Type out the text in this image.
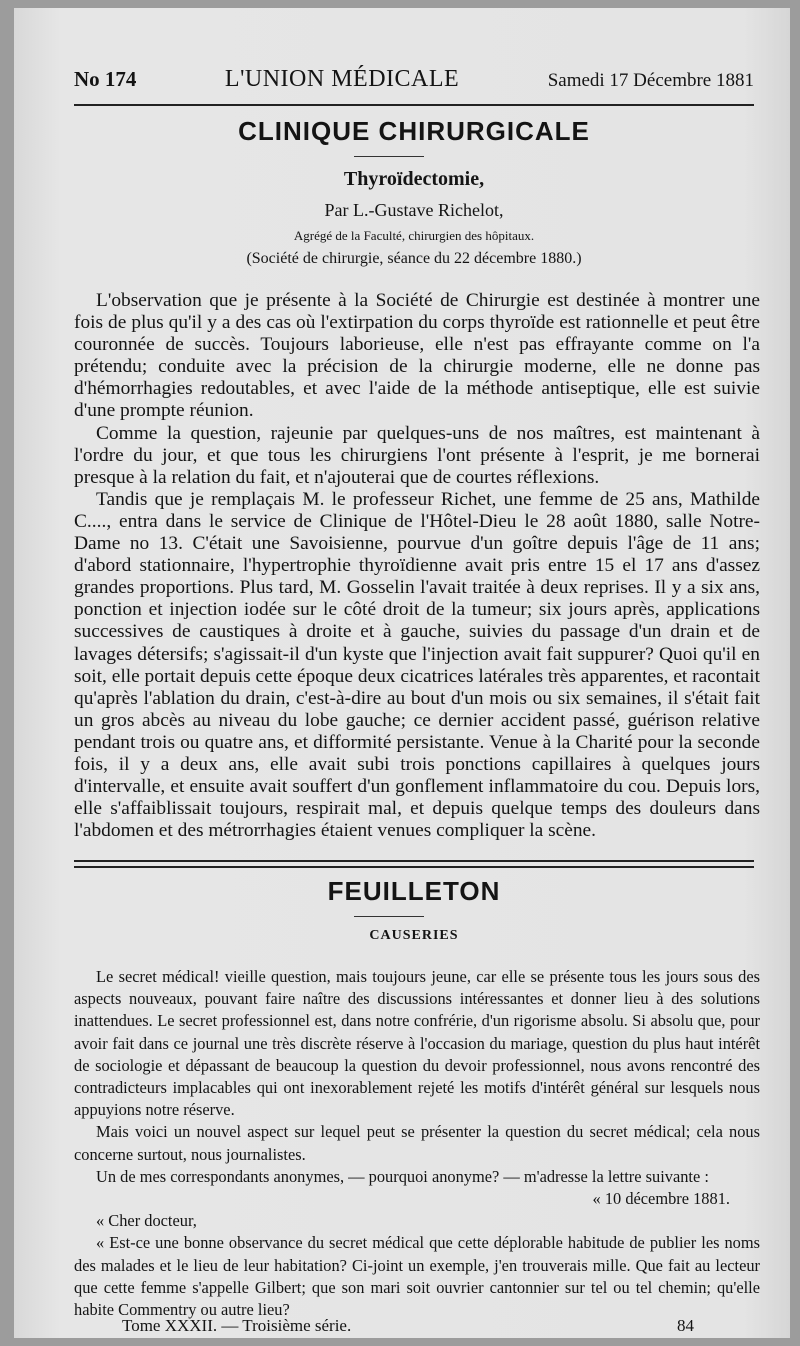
No 174	L'UNION MÉDICALE	Samedi 17 Décembre 1881
CLINIQUE CHIRURGICALE
Thyroïdectomie,
Par L.-Gustave Richelot,
Agrégé de la Faculté, chirurgien des hôpitaux.
(Société de chirurgie, séance du 22 décembre 1880.)

L'observation que je présente à la Société de Chirurgie est destinée à montrer une fois de plus qu'il y a des cas où l'extirpation du corps thyroïde est rationnelle et peut être couronnée de succès. Toujours laborieuse, elle n'est pas effrayante comme on l'a prétendu; conduite avec la précision de la chirurgie moderne, elle ne donne pas d'hémorrhagies redoutables, et avec l'aide de la méthode antiseptique, elle est suivie d'une prompte réunion.

Comme la question, rajeunie par quelques-uns de nos maîtres, est maintenant à l'ordre du jour, et que tous les chirurgiens l'ont présente à l'esprit, je me bornerai presque à la relation du fait, et n'ajouterai que de courtes réflexions.

Tandis que je remplaçais M. le professeur Richet, une femme de 25 ans, Mathilde C...., entra dans le service de Clinique de l'Hôtel-Dieu le 28 août 1880, salle Notre-Dame no 13. C'était une Savoisienne, pourvue d'un goître depuis l'âge de 11 ans; d'abord stationnaire, l'hypertrophie thyroïdienne avait pris entre 15 el 17 ans d'assez grandes proportions. Plus tard, M. Gosselin l'avait traitée à deux reprises. Il y a six ans, ponction et injection iodée sur le côté droit de la tumeur; six jours après, applications successives de caustiques à droite et à gauche, suivies du passage d'un drain et de lavages détersifs; s'agissait-il d'un kyste que l'injection avait fait suppurer? Quoi qu'il en soit, elle portait depuis cette époque deux cicatrices latérales très apparentes, et racontait qu'après l'ablation du drain, c'est-à-dire au bout d'un mois ou six semaines, il s'était fait un gros abcès au niveau du lobe gauche; ce dernier accident passé, guérison relative pendant trois ou quatre ans, et difformité persistante. Venue à la Charité pour la seconde fois, il y a deux ans, elle avait subi trois ponctions capillaires à quelques jours d'intervalle, et ensuite avait souffert d'un gonflement inflammatoire du cou. Depuis lors, elle s'affaiblissait toujours, respirait mal, et depuis quelque temps des douleurs dans l'abdomen et des métrorrhagies étaient venues compliquer la scène.

FEUILLETON
CAUSERIES

Le secret médical! vieille question, mais toujours jeune, car elle se présente tous les jours sous des aspects nouveaux, pouvant faire naître des discussions intéressantes et donner lieu à des solutions inattendues. Le secret professionnel est, dans notre confrérie, d'un rigorisme absolu. Si absolu que, pour avoir fait dans ce journal une très discrète réserve à l'occasion du mariage, question du plus haut intérêt de sociologie et dépassant de beaucoup la question du devoir professionnel, nous avons rencontré des contradicteurs implacables qui ont inexorablement rejeté les motifs d'intérêt général sur lesquels nous appuyions notre réserve.

Mais voici un nouvel aspect sur lequel peut se présenter la question du secret médical; cela nous concerne surtout, nous journalistes.

Un de mes correspondants anonymes, — pourquoi anonyme? — m'adresse la lettre suivante :

« 10 décembre 1881.

« Cher docteur,

« Est-ce une bonne observance du secret médical que cette déplorable habitude de publier les noms des malades et le lieu de leur habitation? Ci-joint un exemple, j'en trouverais mille. Que fait au lecteur que cette femme s'appelle Gilbert; que son mari soit ouvrier cantonnier sur tel ou tel chemin; qu'elle habite Commentry ou autre lieu?

Tome XXXII. — Troisième série.	84
